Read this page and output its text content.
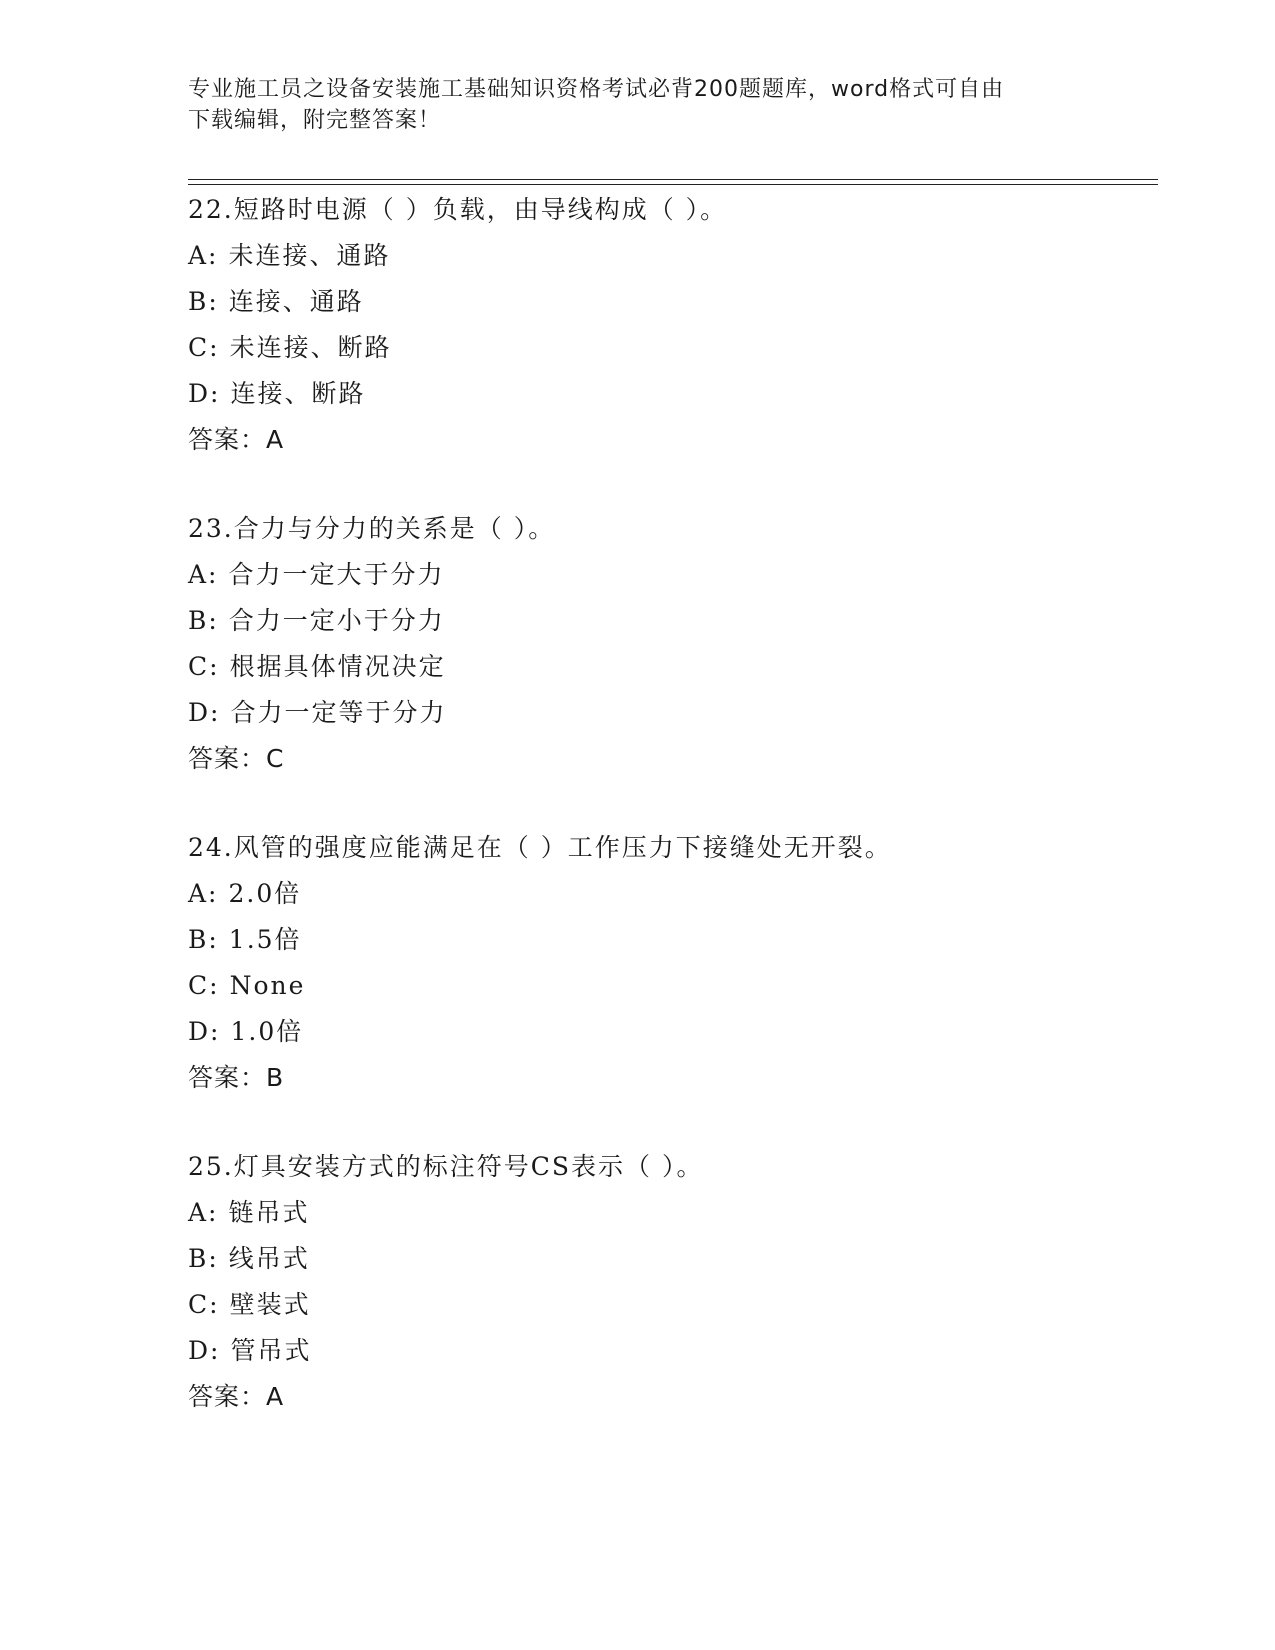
专业施工员之设备安装施工基础知识资格考试必背200题题库，word格式可自由
下载编辑，附完整答案！
22.短路时电源（ ）负载，由导线构成（ ）。
A: 未连接、通路
B: 连接、通路
C: 未连接、断路
D: 连接、断路
答案：A
23.合力与分力的关系是（ ）。
A: 合力一定大于分力
B: 合力一定小于分力
C: 根据具体情况决定
D: 合力一定等于分力
答案：C
24.风管的强度应能满足在（ ）工作压力下接缝处无开裂。
A: 2.0倍
B: 1.5倍
C: None
D: 1.0倍
答案：B
25.灯具安装方式的标注符号CS表示（ ）。
A: 链吊式
B: 线吊式
C: 壁装式
D: 管吊式
答案：A
